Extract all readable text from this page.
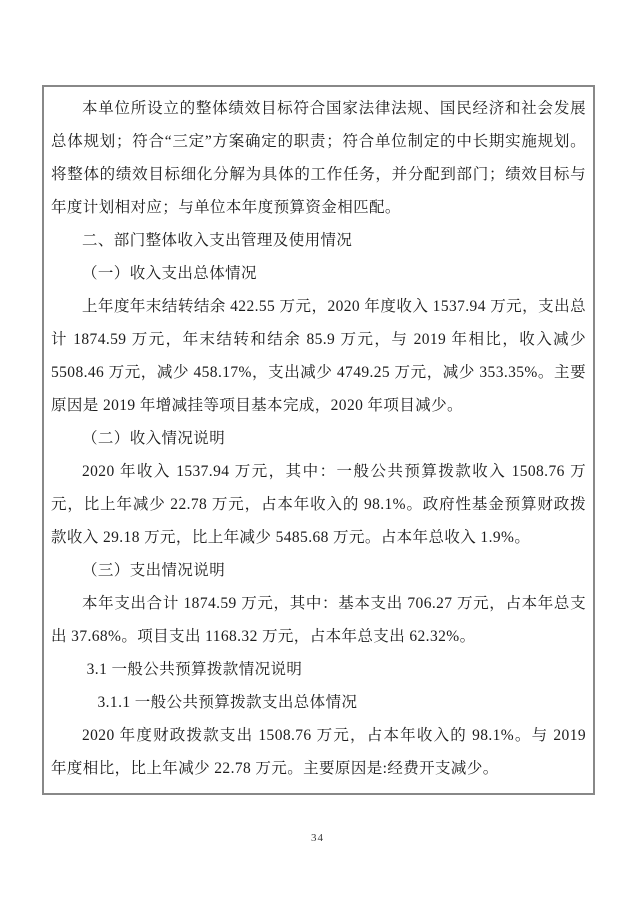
本单位所设立的整体绩效目标符合国家法律法规、国民经济和社会发展总体规划；符合“三定”方案确定的职责；符合单位制定的中长期实施规划。将整体的绩效目标细化分解为具体的工作任务，并分配到部门；绩效目标与年度计划相对应；与单位本年度预算资金相匹配。

二、部门整体收入支出管理及使用情况

（一）收入支出总体情况

上年度年末结转结余 422.55 万元，2020 年度收入 1537.94 万元，支出总计 1874.59 万元，年末结转和结余 85.9 万元，与 2019 年相比，收入减少 5508.46 万元，减少 458.17%，支出减少 4749.25 万元，减少 353.35%。主要原因是 2019 年增减挂等项目基本完成，2020 年项目减少。

（二）收入情况说明

2020 年收入 1537.94 万元，其中：一般公共预算拨款收入 1508.76 万元，比上年减少 22.78 万元，占本年收入的 98.1%。政府性基金预算财政拨款收入 29.18 万元，比上年减少 5485.68 万元。占本年总收入 1.9%。

（三）支出情况说明

本年支出合计 1874.59 万元，其中：基本支出 706.27 万元，占本年总支出 37.68%。项目支出 1168.32 万元，占本年总支出 62.32%。

3.1 一般公共预算拨款情况说明

3.1.1 一般公共预算拨款支出总体情况

2020 年度财政拨款支出 1508.76 万元，占本年收入的 98.1%。与 2019 年度相比，比上年减少 22.78 万元。主要原因是:经费开支减少。

34
